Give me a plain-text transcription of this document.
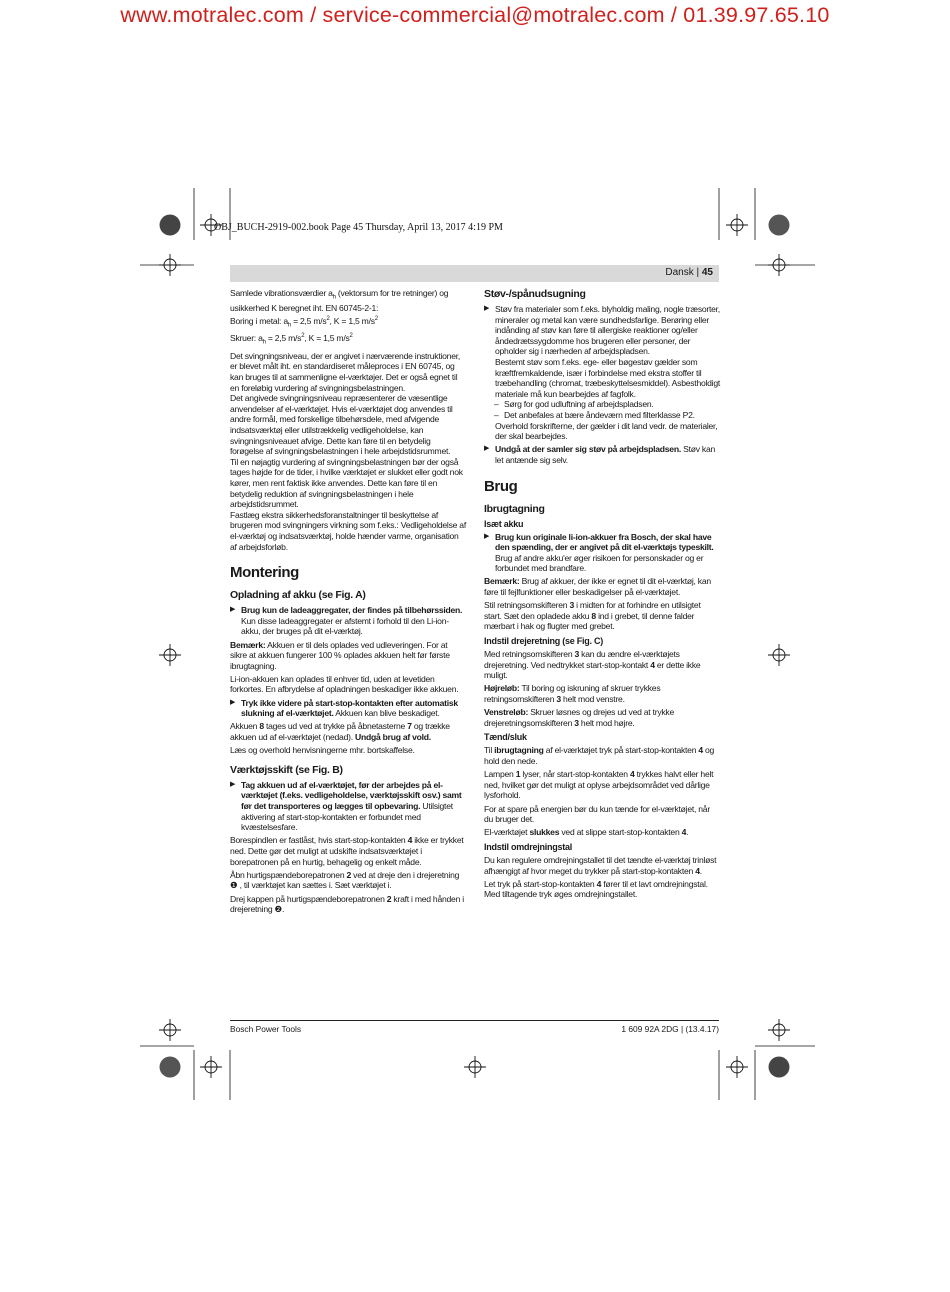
www.motralec.com / service-commercial@motralec.com / 01.39.97.65.10
OBJ_BUCH-2919-002.book Page 45 Thursday, April 13, 2017 4:19 PM
Dansk | 45

Samlede vibrationsværdier $a_h$ (vektorsum for tre retninger) og usikkerhed K beregnet iht. EN 60745-2-1:

Boring i metal: $a_h = 2,5$ $m/s^2$, K = 1,5 $m/s^2$

Skruer: $a_h = 2,5$ $m/s^2$, K = 1,5 $m/s^2$

Det svingningsniveau, der er angivet i nærværende instruktioner, er blevet målt iht. en standardiseret måleproces i EN 60745, og kan bruges til at sammenligne el-værktøjer. Det er også egnet til en foreløbig vurdering af svingningsbelastningen.

Det angivede svingningsniveau repræsenterer de væsentlige anvendelser af el-værktøjet. Hvis el-værktøjet dog anvendes til andre formål, med forskellige tilbehørsdele, med afvigende indsatsværktøj eller utilstrækkelig vedligeholdelse, kan svingningsniveauet afvige. Dette kan føre til en betydelig forøgelse af svingningsbelastningen i hele arbejdstidsrummet.

Til en nøjagtig vurdering af svingningsbelastningen bør der også tages højde for de tider, i hvilke værktøjet er slukket eller godt nok kører, men rent faktisk ikke anvendes. Dette kan føre til en betydelig reduktion af svingningsbelastningen i hele arbejdstidsrummet.

Fastlæg ekstra sikkerhedsforanstaltninger til beskyttelse af brugeren mod svingningers virkning som f.eks.: Vedligeholdelse af el-værktøj og indsatsværktøj, holde hænder varme, organisation af arbejdsforløb.

Montering
Opladning af akku (se Fig. A)
▶ Brug kun de ladeaggregater, der findes på tilbehørssiden. Kun disse ladeaggregater er afstemt i forhold til den Li-ion-akku, der bruges på dit el-værktøj.

Bemærk: Akkuen er til dels oplades ved udleveringen. For at sikre at akkuen fungerer 100 % oplades akkuen helt før første ibrugtagning.

Li-ion-akkuen kan oplades til enhver tid, uden at levetiden forkortes. En afbrydelse af opladningen beskadiger ikke akkuen.

▶ Tryk ikke videre på start-stop-kontakten efter automatisk slukning af el-værktøjet. Akkuen kan blive beskadiget.

Akkuen 8 tages ud ved at trykke på åbnetasterne 7 og trække akkuen ud af el-værktøjet (nedad). Undgå brug af vold.

Læs og overhold henvisningerne mhr. bortskaffelse.

Værktøjsskift (se Fig. B)
▶ Tag akkuen ud af el-værktøjet, før der arbejdes på el-værktøjet (f.eks. vedligeholdelse, værktøjsskift osv.) samt før det transporteres og lægges til opbevaring. Utilsigtet aktivering af start-stop-kontakten er forbundet med kvæstelsesfare.

Borespindlen er fastlåst, hvis start-stop-kontakten 4 ikke er trykket ned. Dette gør det muligt at udskifte indsatsværktøjet i borepatronen på en hurtig, behagelig og enkelt måde.

Åbn hurtigspændeborepatronen 2 ved at dreje den i drejeretning ❶ , til værktøjet kan sættes i. Sæt værktøjet i.

Drej kappen på hurtigspændeborepatronen 2 kraft i med hånden i drejeretning ❷.

Støv-/spånudsugning
▶ Støv fra materialer som f.eks. blyholdig maling, nogle træsorter, mineraler og metal kan være sundhedsfarlige. Berøring eller indånding af støv kan føre til allergiske reaktioner og/eller åndedrætssygdomme hos brugeren eller personer, der opholder sig i nærheden af arbejdspladsen.

Bestemt støv som f.eks. ege- eller bøgestøv gælder som kræftfremkaldende, især i forbindelse med ekstra stoffer til træbehandling (chromat, træbeskyttelsesmiddel). Asbestholdigt materiale må kun bearbejdes af fagfolk.

– Sørg for god udluftning af arbejdspladsen.
– Det anbefales at bære åndeværn med filterklasse P2.

Overhold forskrifterne, der gælder i dit land vedr. de materialer, der skal bearbejdes.

▶ Undgå at der samler sig støv på arbejdspladsen. Støv kan let antænde sig selv.
Brug
Ibrugtagning
Isæt akku
▶ Brug kun originale li-ion-akkuer fra Bosch, der skal have den spænding, der er angivet på dit el-værktøjs typeskilt. Brug af andre akku'er øger risikoen for personskader og er forbundet med brandfare.

Bemærk: Brug af akkuer, der ikke er egnet til dit el-værktøj, kan føre til fejlfunktioner eller beskadigelser på el-værktøjet.

Stil retningsomskifteren 3 i midten for at forhindre en utilsigtet start. Sæt den opladede akku 8 ind i grebet, til denne falder mærbart i hak og flugter med grebet.

Indstil drejeretning (se Fig. C)

Med retningsomskifteren 3 kan du ændre el-værktøjets drejeretning. Ved nedtrykket start-stop-kontakt 4 er dette ikke muligt.

Højreløb: Til boring og iskruning af skruer trykkes retningsomskifteren 3 helt mod venstre.

Venstreløb: Skruer løsnes og drejes ud ved at trykke drejeretningsomskifteren 3 helt mod højre.

Tænd/sluk

Til ibrugtagning af el-værktøjet tryk på start-stop-kontakten 4 og hold den nede.

Lampen 1 lyser, når start-stop-kontakten 4 trykkes halvt eller helt ned, hvilket gør det muligt at oplyse arbejdsområdet ved dårlige lysforhold.

For at spare på energien bør du kun tænde for el-værktøjet, når du bruger det.

El-værktøjet slukkes ved at slippe start-stop-kontakten 4.

Indstil omdrejningstal

Du kan regulere omdrejningstallet til det tændte el-værktøj trinløst afhængigt af hvor meget du trykker på start-stop-kontakten 4.

Let tryk på start-stop-kontakten 4 fører til et lavt omdrejningstal. Med tiltagende tryk øges omdrejningstallet.

Bosch Power Tools	1 609 92A 2DG | (13.4.17)
